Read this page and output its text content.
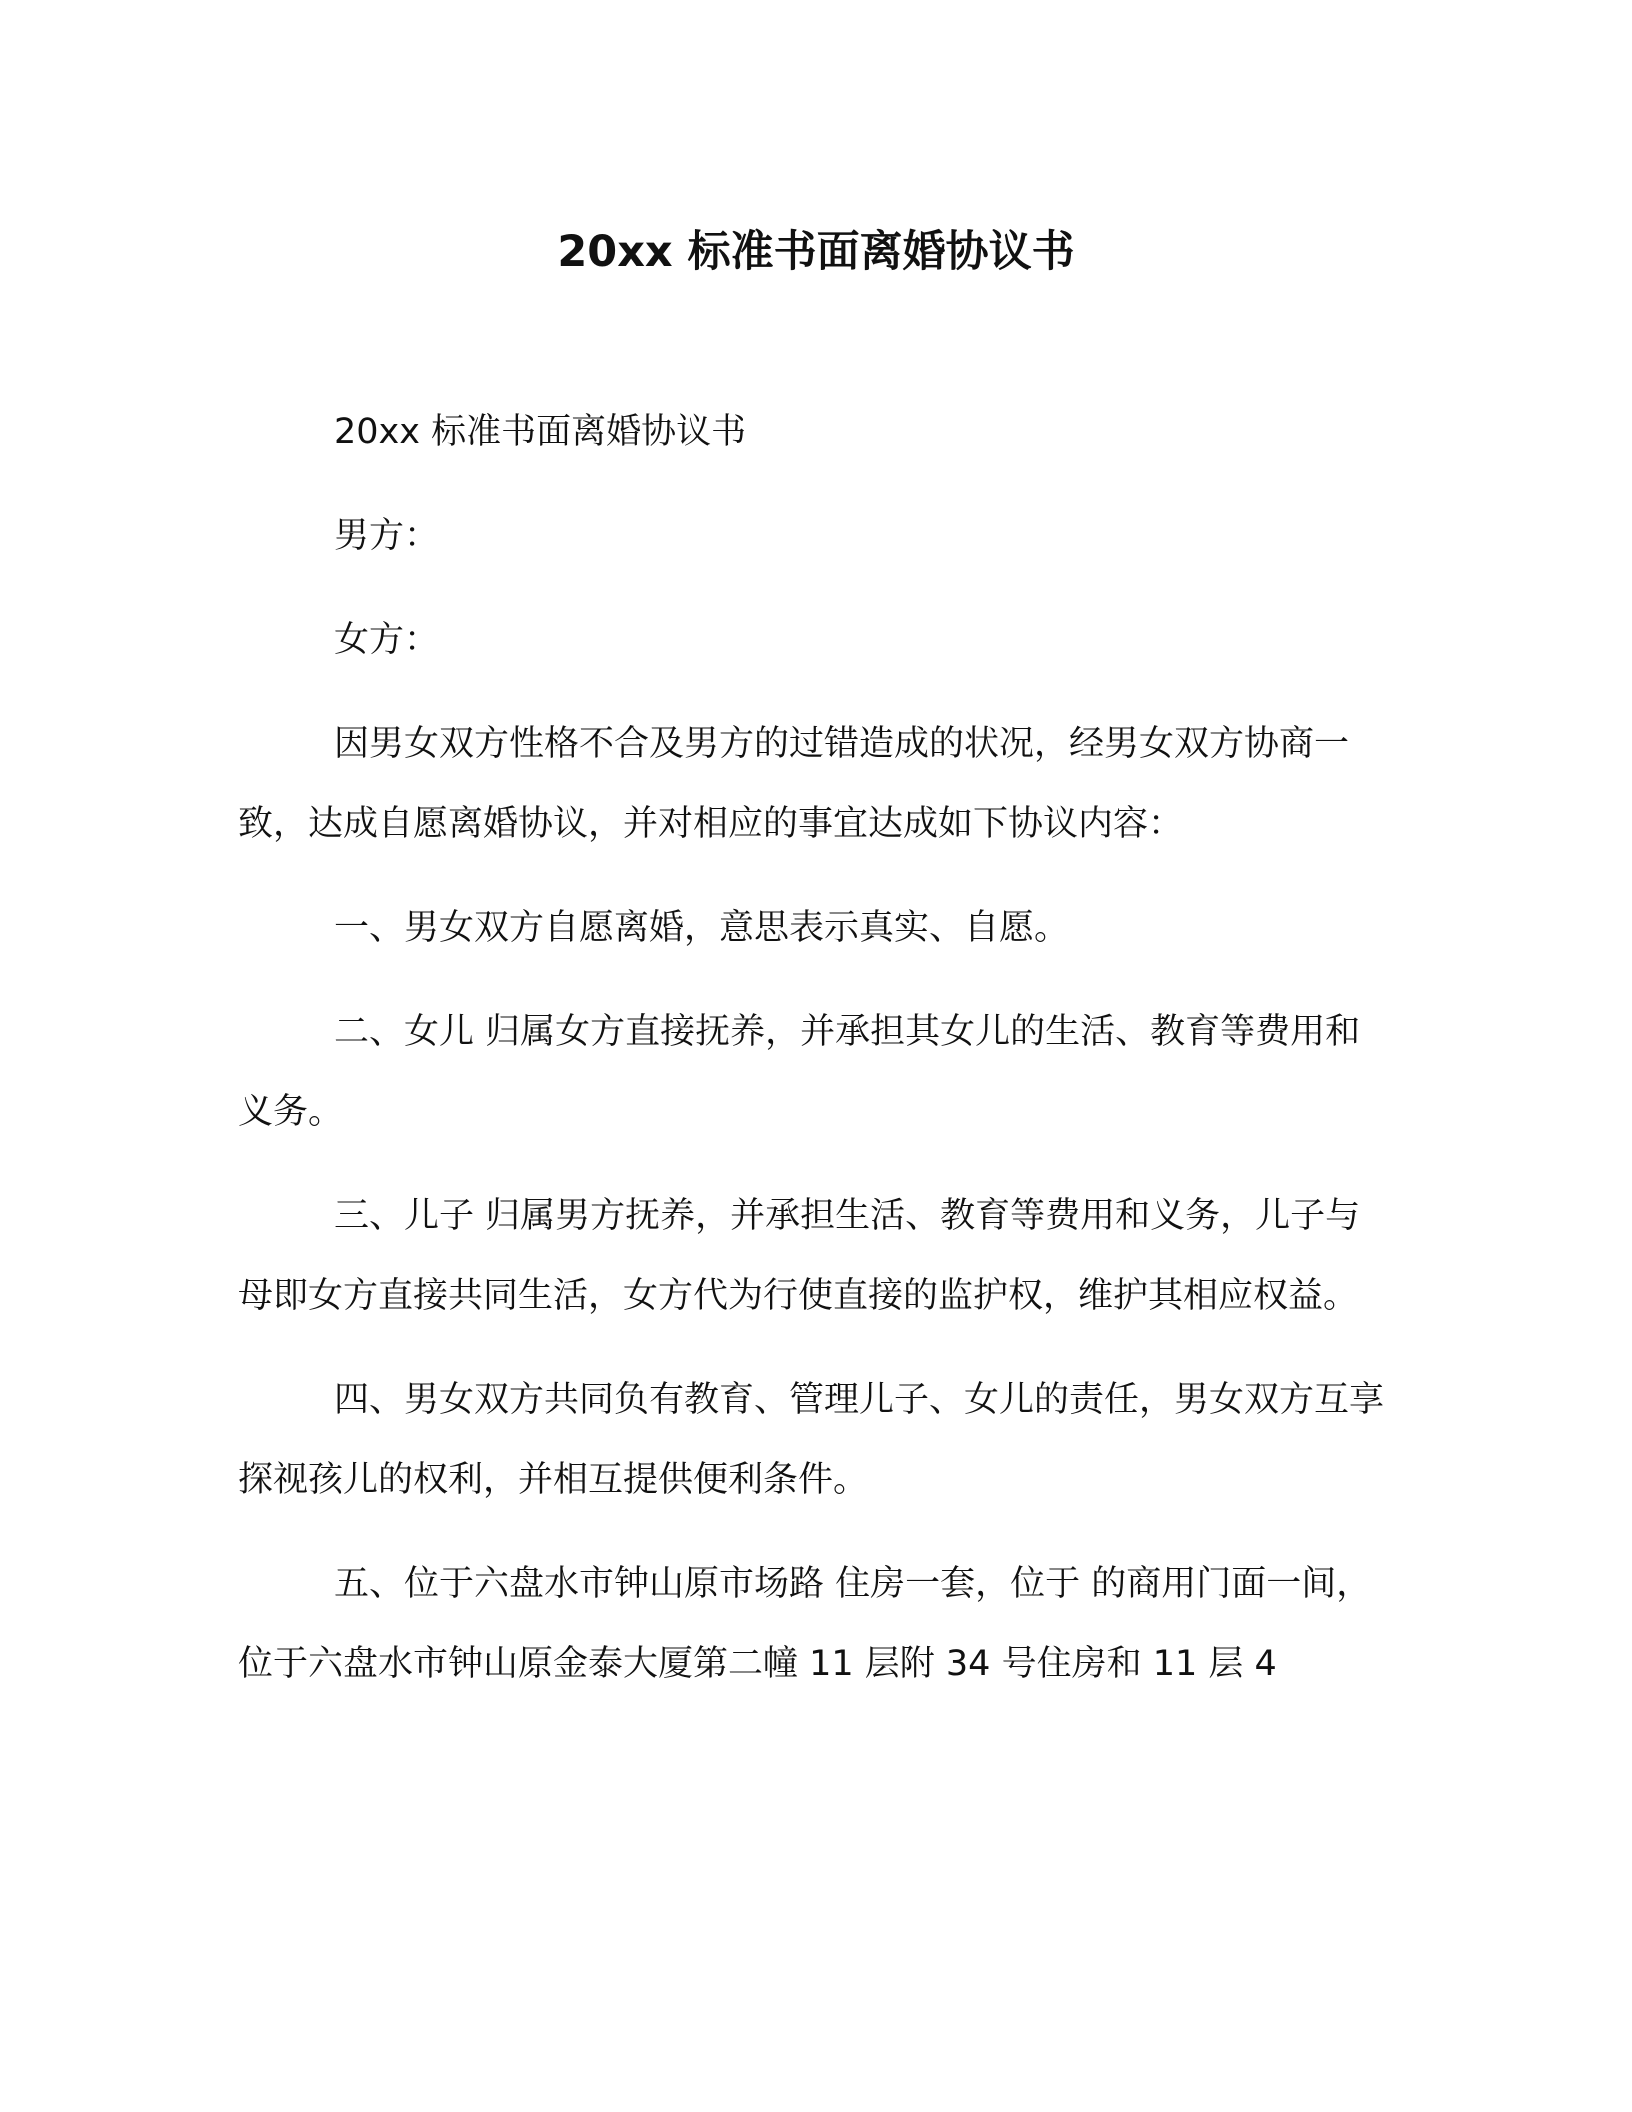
20xx 标准书面离婚协议书

20xx 标准书面离婚协议书

男方：

女方：

因男女双方性格不合及男方的过错造成的状况，经男女双方协商一致，达成自愿离婚协议，并对相应的事宜达成如下协议内容：

一、男女双方自愿离婚，意思表示真实、自愿。

二、女儿 归属女方直接抚养，并承担其女儿的生活、教育等费用和义务。

三、儿子 归属男方抚养，并承担生活、教育等费用和义务，儿子与母即女方直接共同生活，女方代为行使直接的监护权，维护其相应权益。

四、男女双方共同负有教育、管理儿子、女儿的责任，男女双方互享探视孩儿的权利，并相互提供便利条件。

五、位于六盘水市钟山原市场路 住房一套，位于 的商用门面一间，位于六盘水市钟山原金泰大厦第二幢 11 层附 34 号住房和 11 层 4
